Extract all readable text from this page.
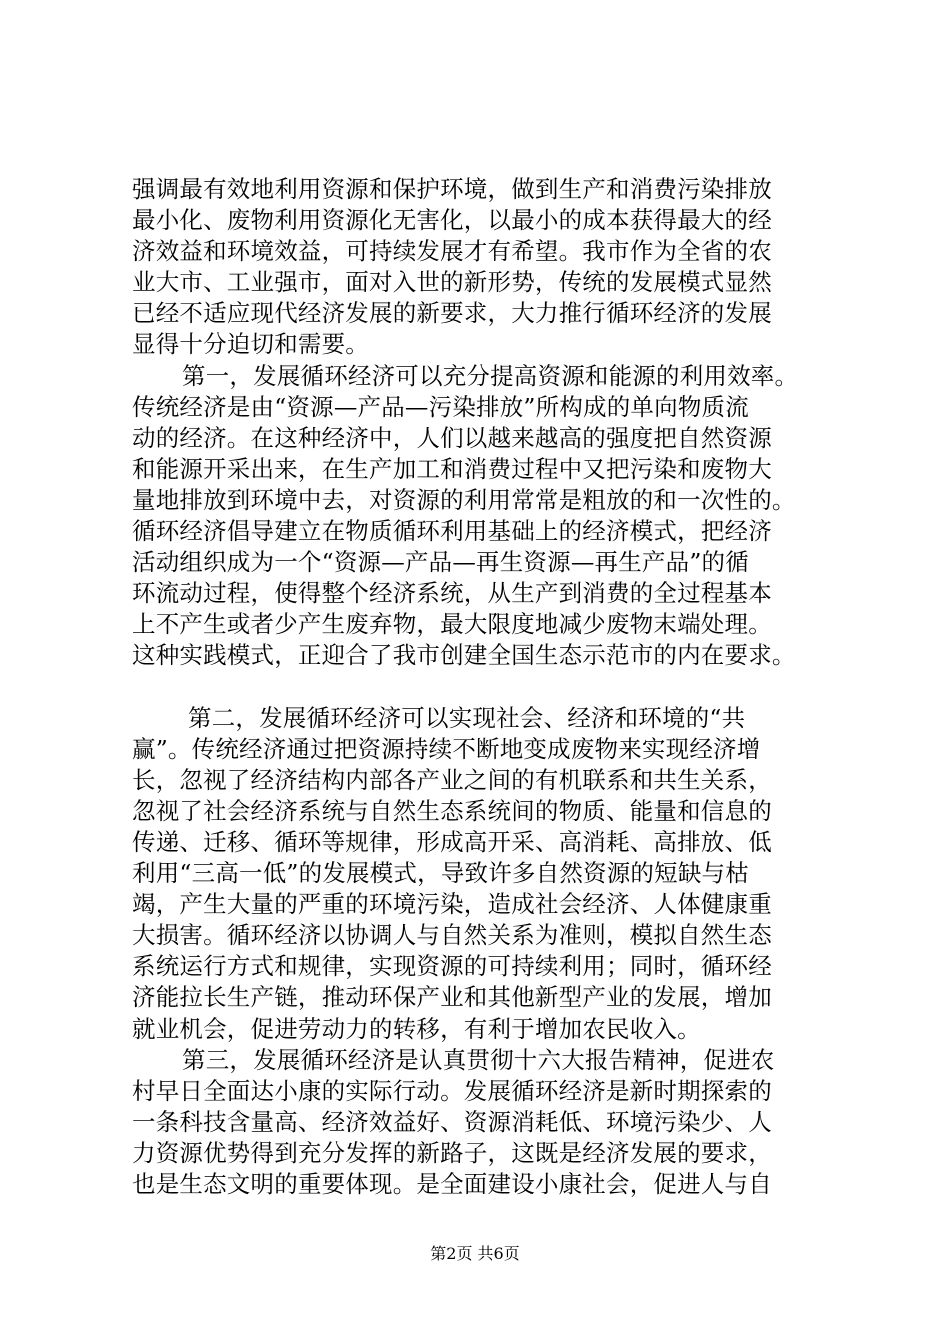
强调最有效地利用资源和保护环境，做到生产和消费污染排放
最小化、废物利用资源化无害化，以最小的成本获得最大的经
济效益和环境效益，可持续发展才有希望。我市作为全省的农
业大市、工业强市，面对入世的新形势，传统的发展模式显然
已经不适应现代经济发展的新要求，大力推行循环经济的发展
显得十分迫切和需要。
第一，发展循环经济可以充分提高资源和能源的利用效率。
传统经济是由“资源—产品—污染排放”所构成的单向物质流
动的经济。在这种经济中，人们以越来越高的强度把自然资源
和能源开采出来，在生产加工和消费过程中又把污染和废物大
量地排放到环境中去，对资源的利用常常是粗放的和一次性的。
循环经济倡导建立在物质循环利用基础上的经济模式，把经济
活动组织成为一个“资源—产品—再生资源—再生产品”的循
环流动过程，使得整个经济系统，从生产到消费的全过程基本
上不产生或者少产生废弃物，最大限度地减少废物末端处理。
这种实践模式，正迎合了我市创建全国生态示范市的内在要求。
第二，发展循环经济可以实现社会、经济和环境的“共
赢”。传统经济通过把资源持续不断地变成废物来实现经济增
长，忽视了经济结构内部各产业之间的有机联系和共生关系，
忽视了社会经济系统与自然生态系统间的物质、能量和信息的
传递、迁移、循环等规律，形成高开采、高消耗、高排放、低
利用“三高一低”的发展模式，导致许多自然资源的短缺与枯
竭，产生大量的严重的环境污染，造成社会经济、人体健康重
大损害。循环经济以协调人与自然关系为准则，模拟自然生态
系统运行方式和规律，实现资源的可持续利用；同时，循环经
济能拉长生产链，推动环保产业和其他新型产业的发展，增加
就业机会，促进劳动力的转移，有利于增加农民收入。
第三，发展循环经济是认真贯彻十六大报告精神，促进农
村早日全面达小康的实际行动。发展循环经济是新时期探索的
一条科技含量高、经济效益好、资源消耗低、环境污染少、人
力资源优势得到充分发挥的新路子，这既是经济发展的要求，
也是生态文明的重要体现。是全面建设小康社会，促进人与自
第2页 共6页
